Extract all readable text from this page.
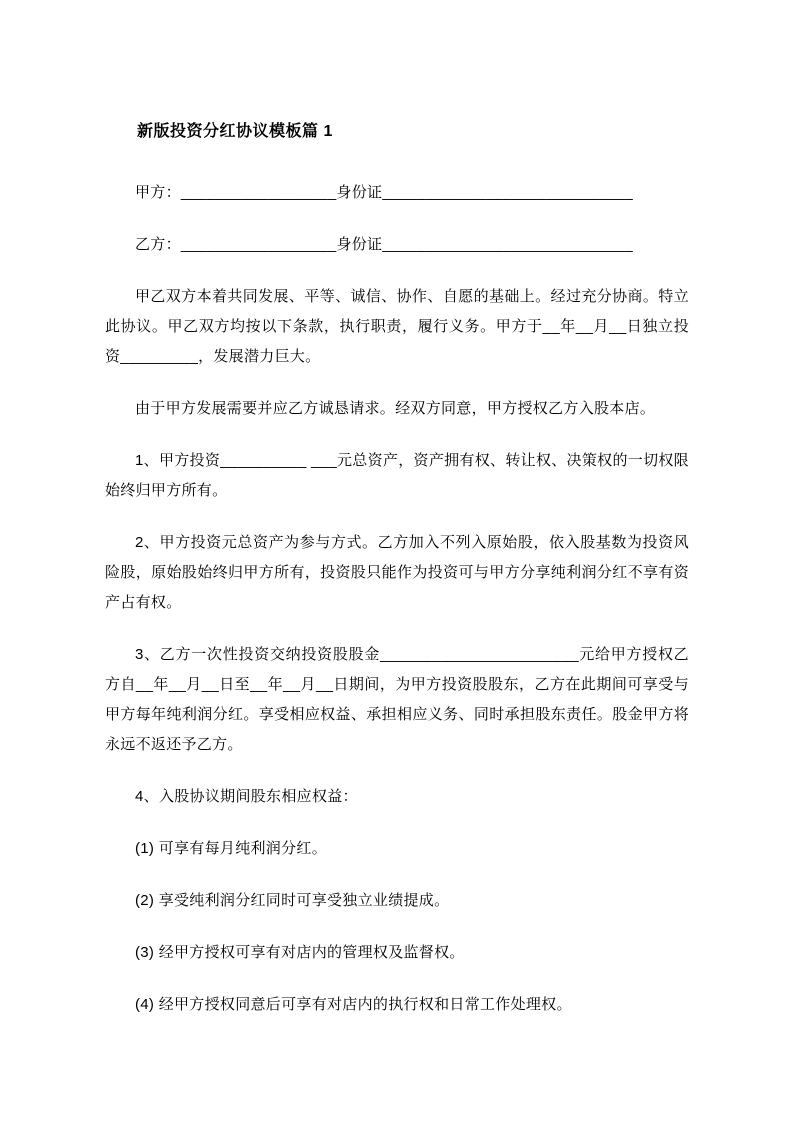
新版投资分红协议模板篇 1

甲方：__________________身份证_____________________________

乙方：__________________身份证_____________________________

甲乙双方本着共同发展、平等、诚信、协作、自愿的基础上。经过充分协商。特立此协议。甲乙双方均按以下条款，执行职责，履行义务。甲方于__年__月__日独立投资_________，发展潜力巨大。

由于甲方发展需要并应乙方诚恳请求。经双方同意，甲方授权乙方入股本店。

1、甲方投资__________ ___元总资产，资产拥有权、转让权、决策权的一切权限始终归甲方所有。

2、甲方投资元总资产为参与方式。乙方加入不列入原始股，依入股基数为投资风险股，原始股始终归甲方所有，投资股只能作为投资可与甲方分享纯利润分红不享有资产占有权。

3、乙方一次性投资交纳投资股股金_______________________元给甲方授权乙方自__年__月__日至__年__月__日期间，为甲方投资股股东，乙方在此期间可享受与甲方每年纯利润分红。享受相应权益、承担相应义务、同时承担股东责任。股金甲方将永远不返还予乙方。

4、入股协议期间股东相应权益：

(1) 可享有每月纯利润分红。

(2) 享受纯利润分红同时可享受独立业绩提成。

(3) 经甲方授权可享有对店内的管理权及监督权。

(4) 经甲方授权同意后可享有对店内的执行权和日常工作处理权。
